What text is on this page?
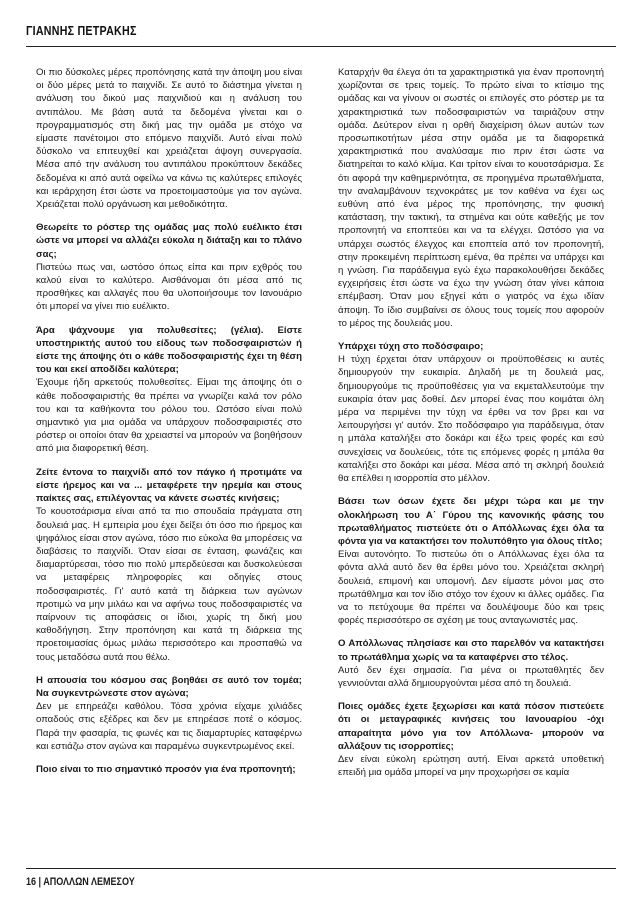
ΓΙΑΝΝΗΣ ΠΕΤΡΑΚΗΣ

Οι πιο δύσκολες μέρες προπόνησης κατά την άποψη μου είναι οι δύο μέρες μετά το παιχνίδι. Σε αυτό το διάστημα γίνεται η ανάλυση του δικού μας παιχνιδιού και η ανάλυση του αντιπάλου. Με βάση αυτά τα δεδομένα γίνεται και ο προγραμματισμός στη δική μας την ομάδα με στόχο να είμαστε πανέτοιμοι στο επόμενο παιχνίδι. Αυτό είναι πολύ δύσκολο να επιτευχθεί και χρειάζεται άψογη συνεργασία. Μέσα από την ανάλυση του αντιπάλου προκύπτουν δεκάδες δεδομένα κι από αυτά οφείλω να κάνω τις καλύτερες επιλογές και ιεράρχηση έτσι ώστε να προετοιμαστούμε για τον αγώνα. Χρειάζεται πολύ οργάνωση και μεθοδικότητα.

Θεωρείτε το ρόστερ της ομάδας μας πολύ ευέλικτο έτσι ώστε να μπορεί να αλλάζει εύκολα η διάταξη και το πλάνο σας;

Πιστεύω πως ναι, ωστόσο όπως είπα και πριν εχθρός του καλού είναι το καλύτερο. Αισθάνομαι ότι μέσα από τις προσθήκες και αλλαγές που θα υλοποιήσουμε τον Ιανουάριο ότι μπορεί να γίνει πιο ευέλικτο.

Άρα ψάχνουμε για πολυθεσίτες; (γέλια). Είστε υποστηρικτής αυτού του είδους των ποδοσφαιριστών ή είστε της άποψης ότι ο κάθε ποδοσφαιριστής έχει τη θέση του και εκεί αποδίδει καλύτερα;

Έχουμε ήδη αρκετούς πολυθεσίτες. Είμαι της άποψης ότι ο κάθε ποδοσφαιριστής θα πρέπει να γνωρίζει καλά τον ρόλο του και τα καθήκοντα του ρόλου του. Ωστόσο είναι πολύ σημαντικό για μια ομάδα να υπάρχουν ποδοσφαιριστές στο ρόστερ οι οποίοι όταν θα χρειαστεί να μπορούν να βοηθήσουν από μια διαφορετική θέση.

Ζείτε έντονα το παιχνίδι από τον πάγκο ή προτιμάτε να είστε ήρεμος και να ... μεταφέρετε την ηρεμία και στους παίκτες σας, επιλέγοντας να κάνετε σωστές κινήσεις;

Το κουοτσάρισμα είναι από τα πιο σπουδαία πράγματα στη δουλειά μας. Η εμπειρία μου έχει δείξει ότι όσο πιο ήρεμος και ψηφάλιος είσαι στον αγώνα, τόσο πιο εύκολα θα μπορέσεις να διαβάσεις το παιχνίδι. Όταν είσαι σε ένταση, φωνάζεις και διαμαρτύρεσαι, τόσο πιο πολύ μπερδεύεσαι και δυσκολεύεσαι να μεταφέρεις πληροφορίες και οδηγίες στους ποδοσφαιριστές. Γι' αυτό κατά τη διάρκεια των αγώνων προτιμώ να μην μιλάω και να αφήνω τους ποδοσφαιριστές να παίρνουν τις αποφάσεις οι ίδιοι, χωρίς τη δική μου καθοδήγηση. Στην προπόνηση και κατά τη διάρκεια της προετοιμασίας όμως μιλάω περισσότερο και προσπαθώ να τους μεταδόσω αυτά που θέλω.

Η απουσία του κόσμου σας βοηθάει σε αυτό τον τομέα; Να συγκεντρώνεστε στον αγώνα;

Δεν με επηρεάζει καθόλου. Τόσα χρόνια είχαμε χιλιάδες οπαδούς στις εξέδρες και δεν με επηρέασε ποτέ ο κόσμος. Παρά την φασαρία, τις φωνές και τις διαμαρτυρίες καταφέρνω και εστιάζω στον αγώνα και παραμένω συγκεντρωμένος εκεί.

Ποιο είναι το πιο σημαντικό προσόν για ένα προπονητή;

Καταρχήν θα έλεγα ότι τα χαρακτηριστικά για έναν προπονητή χωρίζονται σε τρεις τομείς. Το πρώτο είναι το κτίσιμο της ομάδας και να γίνουν οι σωστές οι επιλογές στο ρόστερ με τα χαρακτηριστικά των ποδοσφαιριστών να ταιριάζουν στην ομάδα. Δεύτερον είναι η ορθή διαχείριση όλων αυτών των προσωπικοτήτων μέσα στην ομάδα με τα διαφορετικά χαρακτηριστικά που αναλύσαμε πιο πριν έτσι ώστε να διατηρείται το καλό κλίμα. Και τρίτον είναι το κουοτσάρισμα. Σε ότι αφορά την καθημερινότητα, σε προηγμένα πρωταθλήματα, την αναλαμβάνουν τεχνοκράτες με τον καθένα να έχει ως ευθύνη από ένα μέρος της προπόνησης, την φυσική κατάσταση, την τακτική, τα στημένα και ούτε καθεξής με τον προπονητή να εποπτεύει και να τα ελέγχει. Ωστόσο για να υπάρχει σωστός έλεγχος και εποπτεία από τον προπονητή, στην προκειμένη περίπτωση εμένα, θα πρέπει να υπάρχει και η γνώση. Για παράδειγμα εγώ έχω παρακολουθήσει δεκάδες εγχειρήσεις έτσι ώστε να έχω την γνώση όταν γίνει κάποια επέμβαση. Όταν μου εξηγεί κάτι ο γιατρός να έχω ιδίαν άποψη. Το ίδιο συμβαίνει σε όλους τους τομείς που αφορούν το μέρος της δουλειάς μου.

Υπάρχει τύχη στο ποδόσφαιρο;

Η τύχη έρχεται όταν υπάρχουν οι προϋποθέσεις κι αυτές δημιουργούν την ευκαιρία. Δηλαδή με τη δουλειά μας, δημιουργούμε τις προϋποθέσεις για να εκμεταλλευτούμε την ευκαιρία όταν μας δοθεί. Δεν μπορεί ένας που κοιμάται όλη μέρα να περιμένει την τύχη να έρθει να τον βρει και να λειτουργήσει γι' αυτόν. Στο ποδόσφαιρο για παράδειγμα, όταν η μπάλα καταλήξει στο δοκάρι και έξω τρεις φορές και εσύ συνεχίσεις να δουλεύεις, τότε τις επόμενες φορές η μπάλα θα καταλήξει στο δοκάρι και μέσα. Μέσα από τη σκληρή δουλειά θα επέλθει η ισορροπία στο μέλλον.

Βάσει των όσων έχετε δει μέχρι τώρα και με την ολοκλήρωση του Α΄ Γύρου της κανονικής φάσης του πρωταθλήματος πιστεύετε ότι ο Απόλλωνας έχει όλα τα φόντα για να κατακτήσει τον πολυπόθητο για όλους τίτλο;

Είναι αυτονόητο. Το πιστεύω ότι ο Απόλλωνας έχει όλα τα φόντα αλλά αυτό δεν θα έρθει μόνο του. Χρειάζεται σκληρή δουλειά, επιμονή και υπομονή. Δεν είμαστε μόνοι μας στο πρωτάθλημα και τον ίδιο στόχο τον έχουν κι άλλες ομάδες. Για να το πετύχουμε θα πρέπει να δουλέψουμε δύο και τρεις φορές περισσότερο σε σχέση με τους ανταγωνιστές μας.

Ο Απόλλωνας πλησίασε και στο παρελθόν να κατακτήσει το πρωτάθλημα χωρίς να τα καταφέρνει στο τέλος.

Αυτό δεν έχει σημασία. Για μένα οι πρωταθλητές δεν γεννιούνται αλλά δημιουργούνται μέσα από τη δουλειά.

Ποιες ομάδες έχετε ξεχωρίσει και κατά πόσον πιστεύετε ότι οι μεταγραφικές κινήσεις του Ιανουαρίου -όχι απαραίτητα μόνο για τον Απόλλωνα- μπορούν να αλλάξουν τις ισορροπίες;

Δεν είναι εύκολη ερώτηση αυτή. Είναι αρκετά υποθετική επειδή μια ομάδα μπορεί να μην προχωρήσει σε καμία

16 | ΑΠΟΛΛΩΝ ΛΕΜΕΣΟΥ
